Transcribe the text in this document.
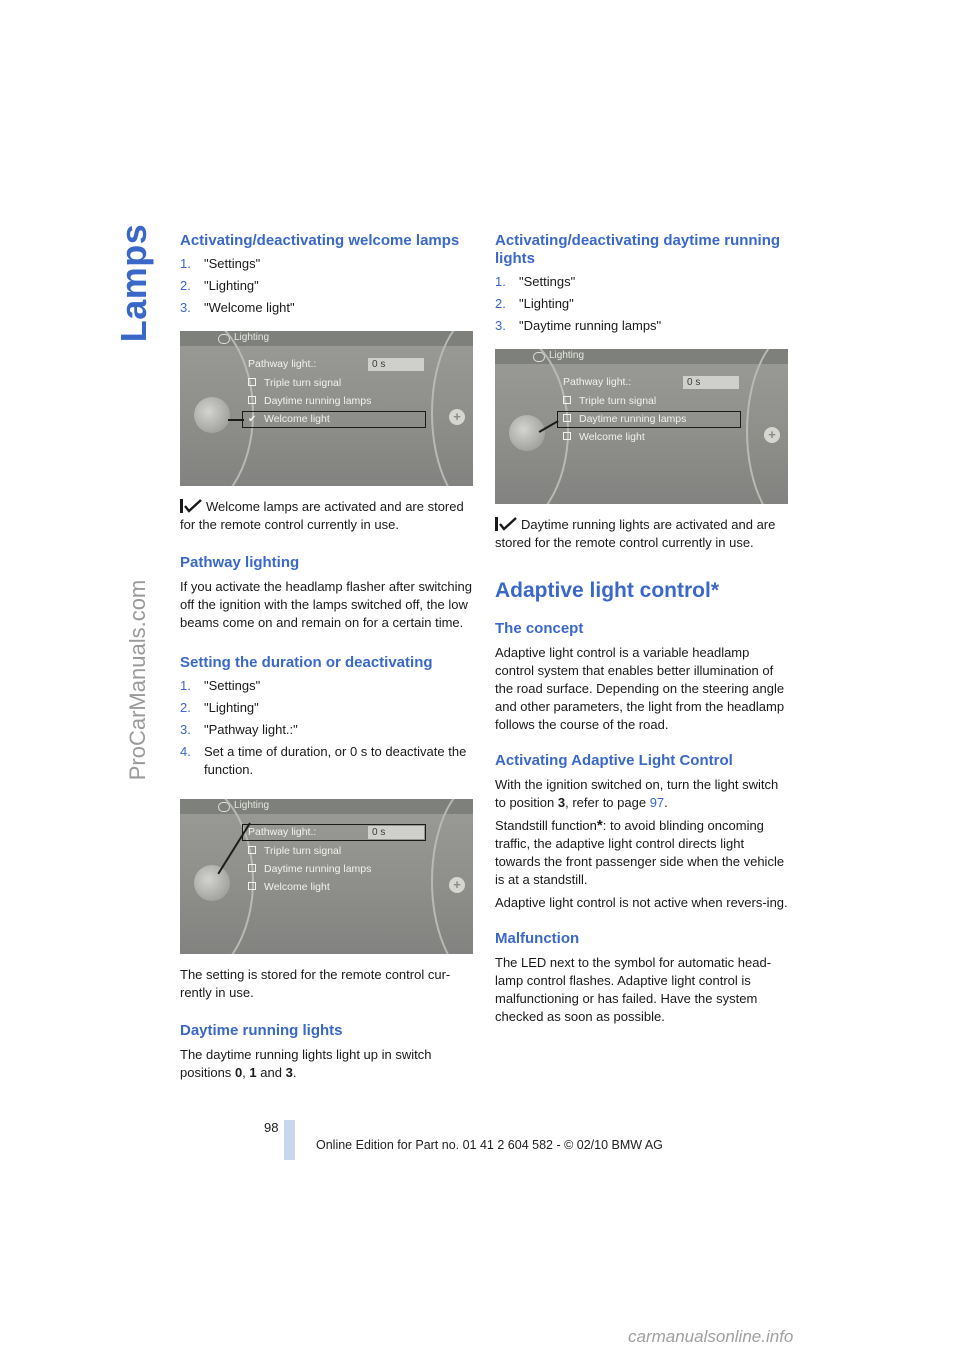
Lamps
ProCarManuals.com
Activating/deactivating welcome lamps
1. "Settings"
2. "Lighting"
3. "Welcome light"
Lighting
+
Pathway light.:	0 s
Triple turn signal
Daytime running lamps
✔ Welcome light

Welcome lamps are activated and are stored for the remote control currently in use.

Pathway lighting

If you activate the headlamp flasher after switching off the ignition with the lamps switched off, the low beams come on and remain on for a certain time.

Setting the duration or deactivating
1. "Settings"
2. "Lighting"
3. "Pathway light.:"
4. Set a time of duration, or 0 s to deactivate the function.
Lighting
+
Pathway light.:	0 s
Triple turn signal
Daytime running lamps
Welcome light

The setting is stored for the remote control cur-rently in use.

Daytime running lights

The daytime running lights light up in switch positions 0, 1 and 3.

Activating/deactivating daytime running lights
1. "Settings"
2. "Lighting"
3. "Daytime running lamps"
Lighting
+
Pathway light.:	0 s
Triple turn signal
Daytime running lamps
Welcome light

Daytime running lights are activated and are stored for the remote control currently in use.

Adaptive light control*
The concept

Adaptive light control is a variable headlamp control system that enables better illumination of the road surface. Depending on the steering angle and other parameters, the light from the headlamp follows the course of the road.

Activating Adaptive Light Control

With the ignition switched on, turn the light switch to position 3, refer to page 97.

Standstill function*: to avoid blinding oncoming traffic, the adaptive light control directs light towards the front passenger side when the vehicle is at a standstill.

Adaptive light control is not active when revers-ing.

Malfunction

The LED next to the symbol for automatic head-lamp control flashes. Adaptive light control is malfunctioning or has failed. Have the system checked as soon as possible.

98
Online Edition for Part no. 01 41 2 604 582 - © 02/10 BMW AG
carmanualsonline.info
